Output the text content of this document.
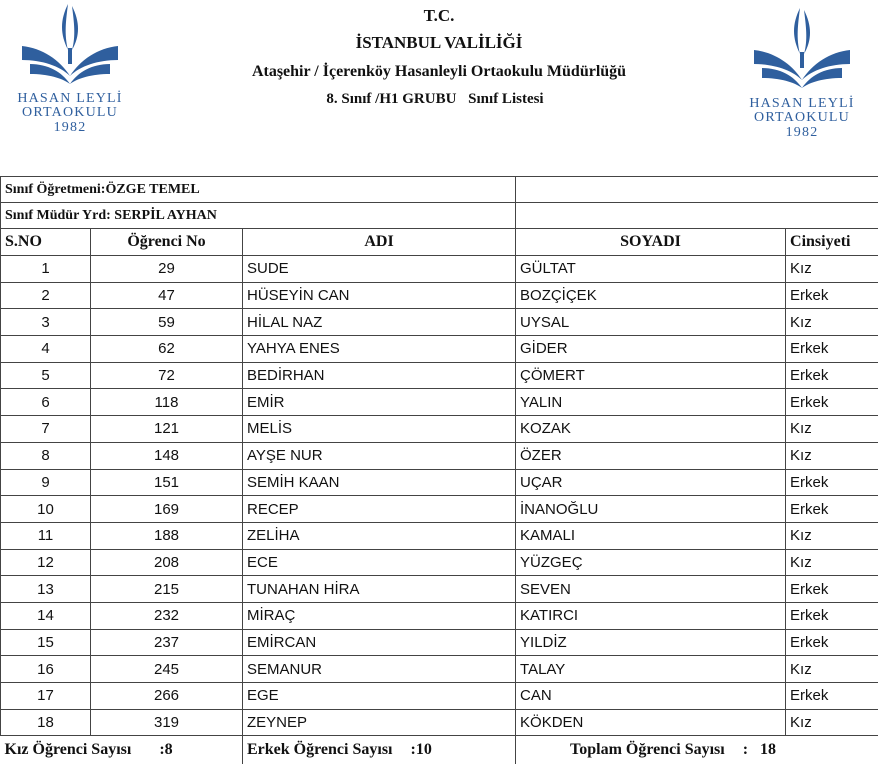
HASAN LEYLİ
ORTAOKULU
1982
HASAN LEYLİ
ORTAOKULU
1982
T.C.
İSTANBUL VALİLİĞİ
Ataşehir / İçerenköy Hasanleyli Ortaokulu Müdürlüğü
8. Sınıf /H1 GRUBU Sınıf Listesi
Sınıf Öğretmeni:ÖZGE TEMEL				
Sınıf Müdür Yrd: SERPİL AYHAN				
S.NO	Öğrenci No	ADI	SOYADI	Cinsiyeti
1	29	SUDE	GÜLTAT	Kız
2	47	HÜSEYİN CAN	BOZÇİÇEK	Erkek
3	59	HİLAL NAZ	UYSAL	Kız
4	62	YAHYA ENES	GİDER	Erkek
5	72	BEDİRHAN	ÇÖMERT	Erkek
6	118	EMİR	YALIN	Erkek
7	121	MELİS	KOZAK	Kız
8	148	AYŞE NUR	ÖZER	Kız
9	151	SEMİH KAAN	UÇAR	Erkek
10	169	RECEP	İNANOĞLU	Erkek
11	188	ZELİHA	KAMALI	Kız
12	208	ECE	YÜZGEÇ	Kız
13	215	TUNAHAN HİRA	SEVEN	Erkek
14	232	MİRAÇ	KATIRCI	Erkek
15	237	EMİRCAN	YILDİZ	Erkek
16	245	SEMANUR	TALAY	Kız
17	266	EGE	CAN	Erkek
18	319	ZEYNEP	KÖKDEN	Kız
Kız Öğrenci Sayısı :8		Erkek Öğrenci Sayısı :10	Toplam Öğrenci Sayısı :   18	
